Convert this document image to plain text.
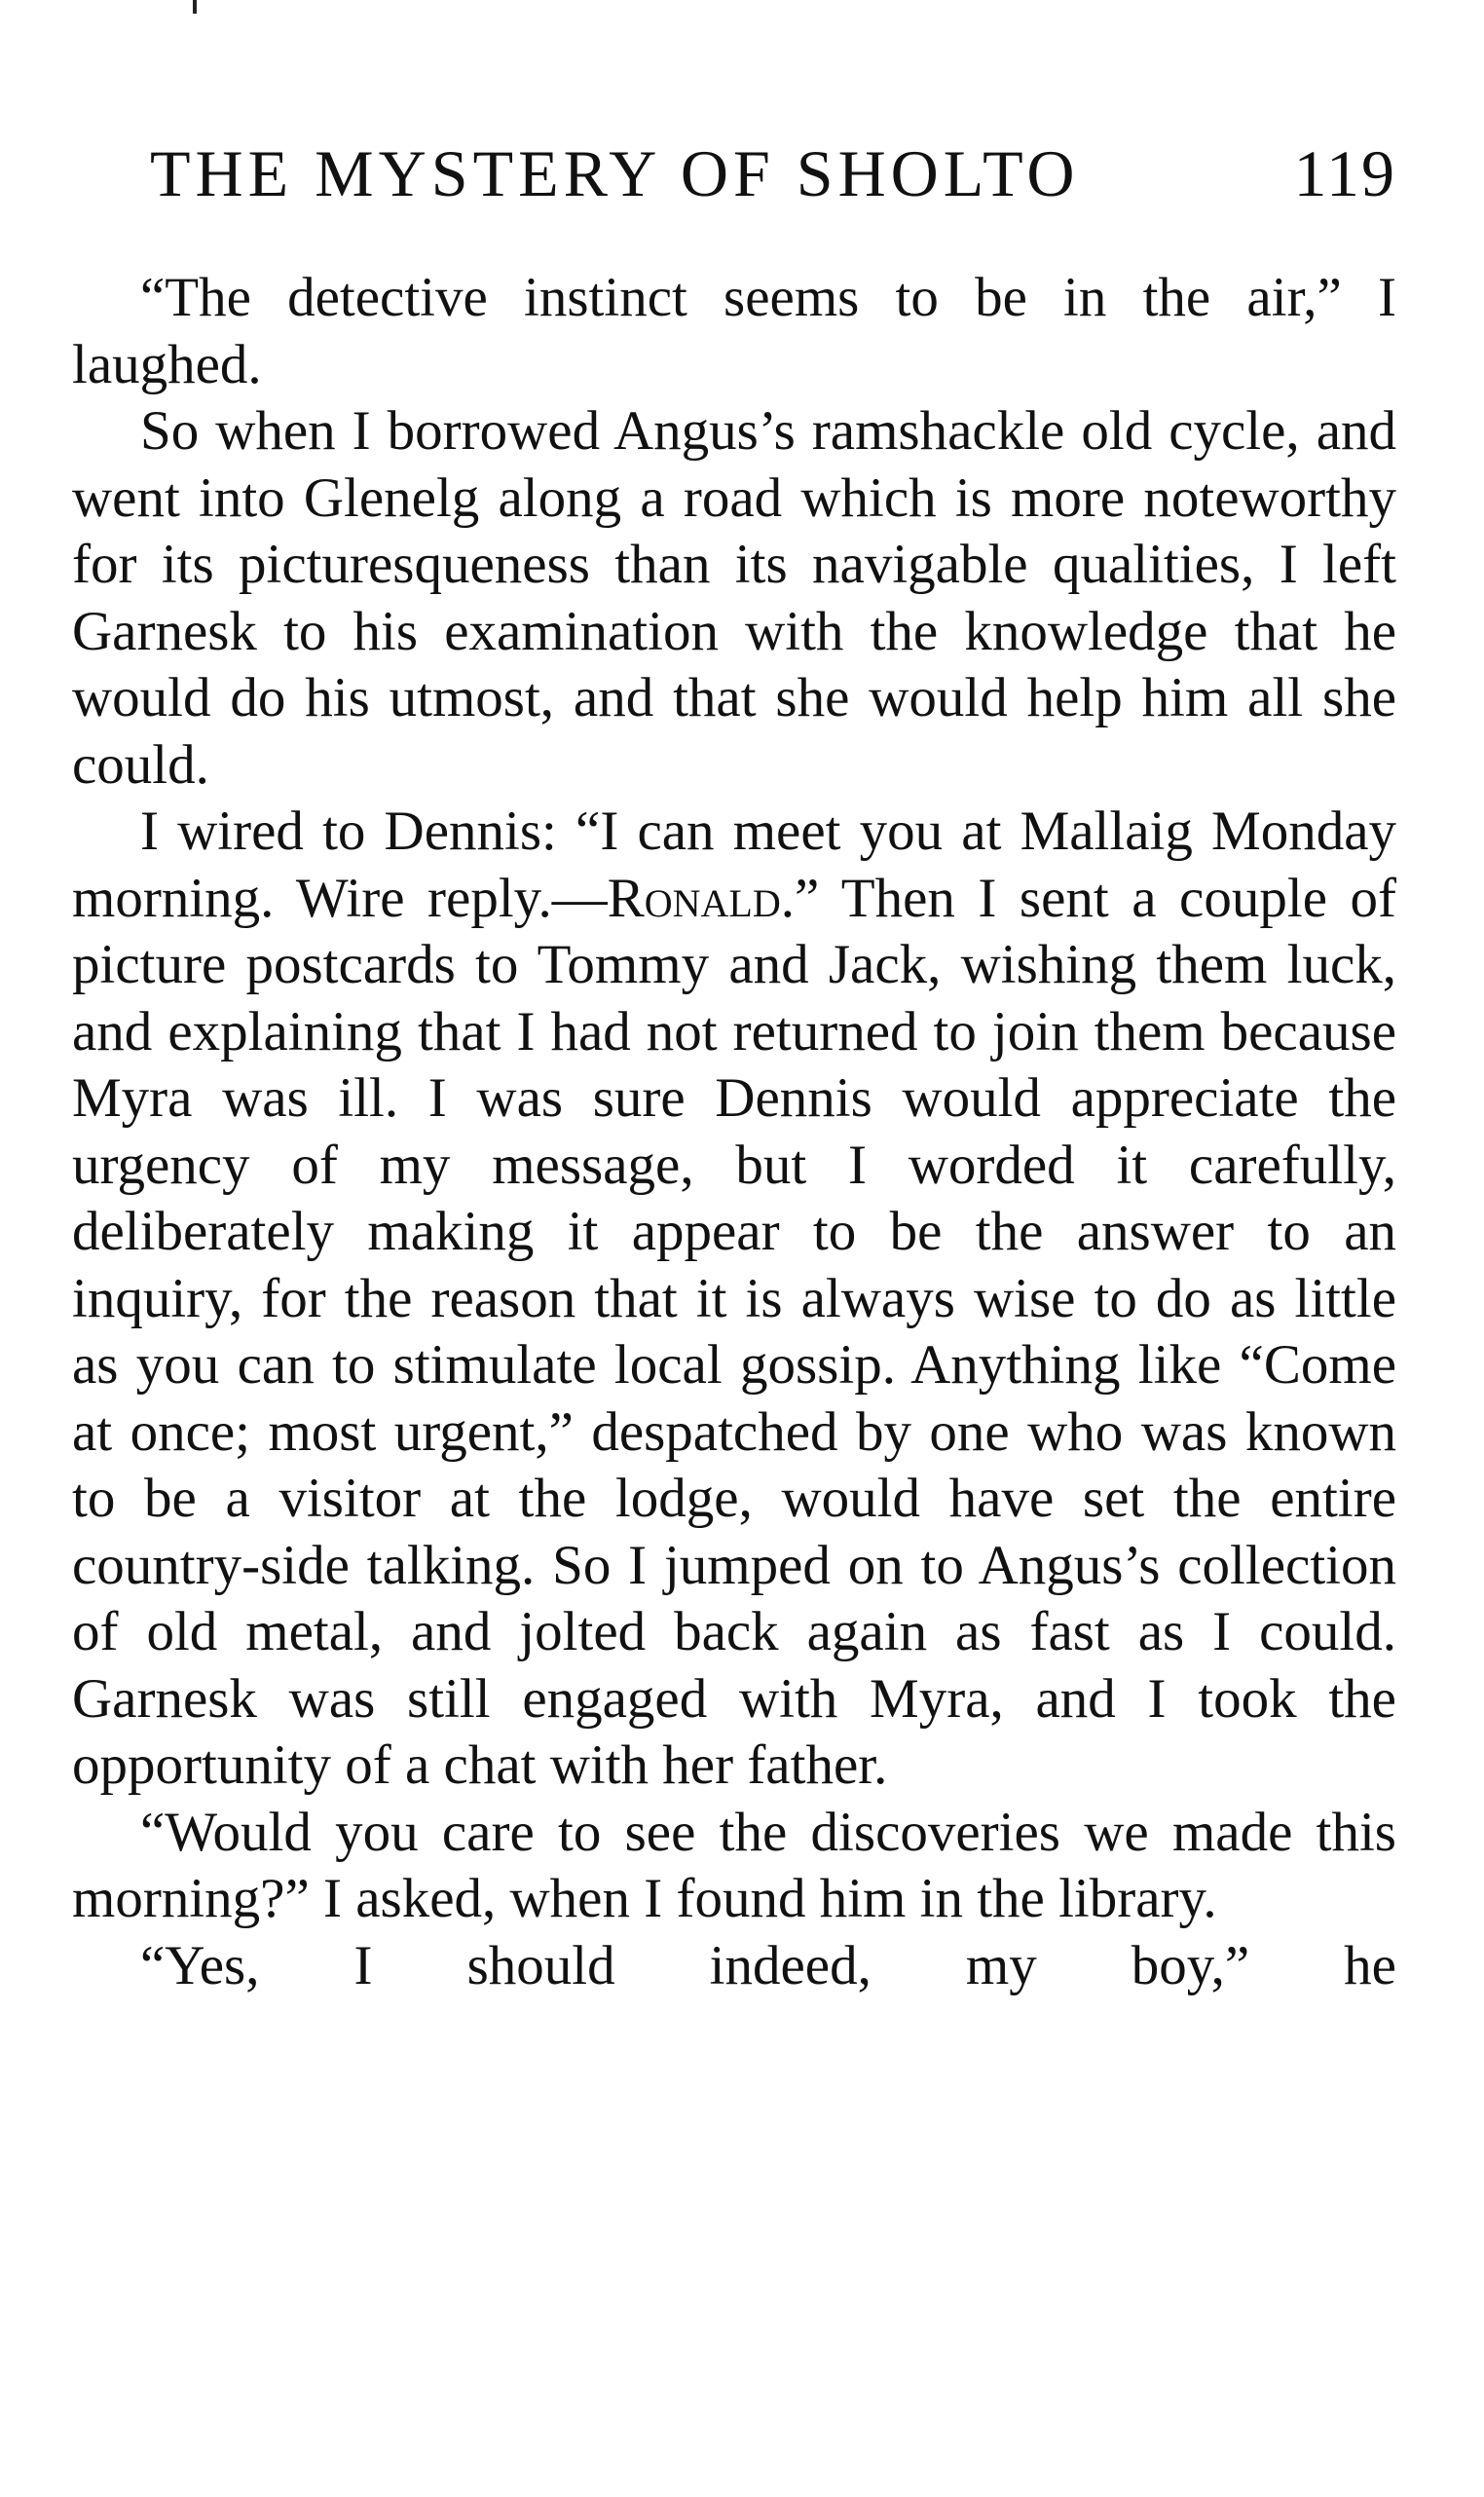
THE MYSTERY OF SHOLTO	119

“The detective instinct seems to be in the air,” I laughed.

So when I borrowed Angus’s ramshackle old cycle, and went into Glenelg along a road which is more noteworthy for its picturesqueness than its navigable qualities, I left Garnesk to his examination with the knowledge that he would do his utmost, and that she would help him all she could.

I wired to Dennis: “I can meet you at Mallaig Monday morning. Wire reply.—Ronald.” Then I sent a couple of picture postcards to Tommy and Jack, wishing them luck, and explaining that I had not returned to join them because Myra was ill. I was sure Dennis would appreciate the urgency of my message, but I worded it carefully, deliberately making it appear to be the answer to an inquiry, for the reason that it is always wise to do as little as you can to stimulate local gossip. Anything like “Come at once; most urgent,” despatched by one who was known to be a visitor at the lodge, would have set the entire country-side talking. So I jumped on to Angus’s collection of old metal, and jolted back again as fast as I could. Garnesk was still engaged with Myra, and I took the opportunity of a chat with her father.

“Would you care to see the discoveries we made this morning?” I asked, when I found him in the library.

“Yes, I should indeed, my boy,” he
